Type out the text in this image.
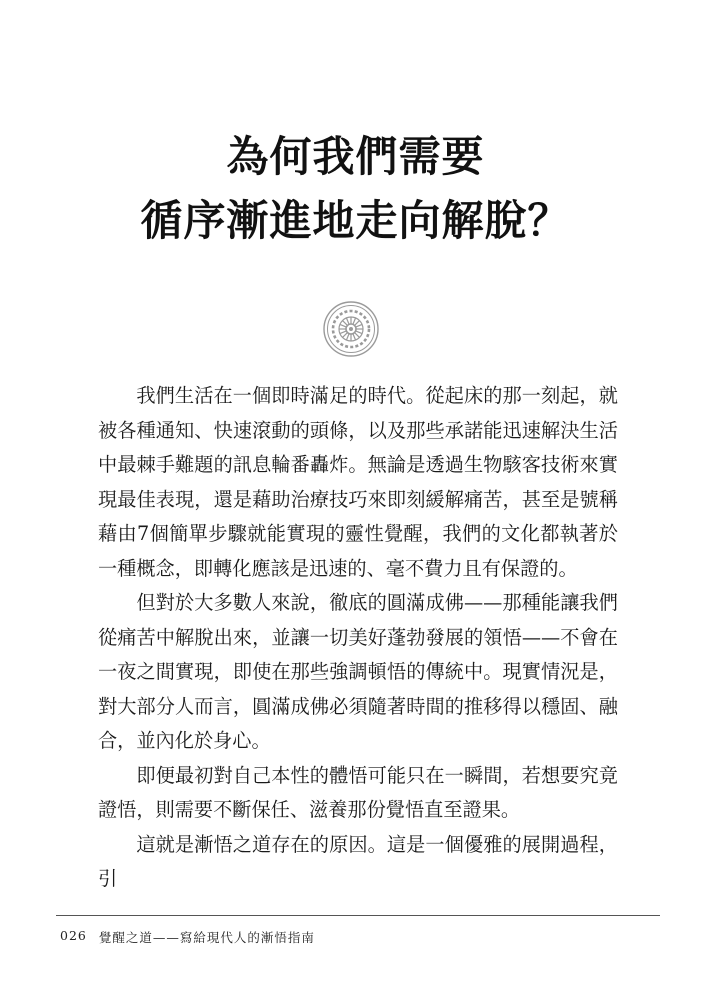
為何我們需要
循序漸進地走向解脫？

我們生活在一個即時滿足的時代。從起床的那一刻起，就被各種通知、快速滾動的頭條，以及那些承諾能迅速解決生活中最棘手難題的訊息輪番轟炸。無論是透過生物駭客技術來實現最佳表現，還是藉助治療技巧來即刻緩解痛苦，甚至是號稱藉由7個簡單步驟就能實現的靈性覺醒，我們的文化都執著於一種概念，即轉化應該是迅速的、毫不費力且有保證的。

但對於大多數人來說，徹底的圓滿成佛——那種能讓我們從痛苦中解脫出來，並讓一切美好蓬勃發展的領悟——不會在一夜之間實現，即使在那些強調頓悟的傳統中。現實情況是，對大部分人而言，圓滿成佛必須隨著時間的推移得以穩固、融合，並內化於身心。

即便最初對自己本性的體悟可能只在一瞬間，若想要究竟證悟，則需要不斷保任、滋養那份覺悟直至證果。

這就是漸悟之道存在的原因。這是一個優雅的展開過程，引

026 覺醒之道——寫給現代人的漸悟指南
